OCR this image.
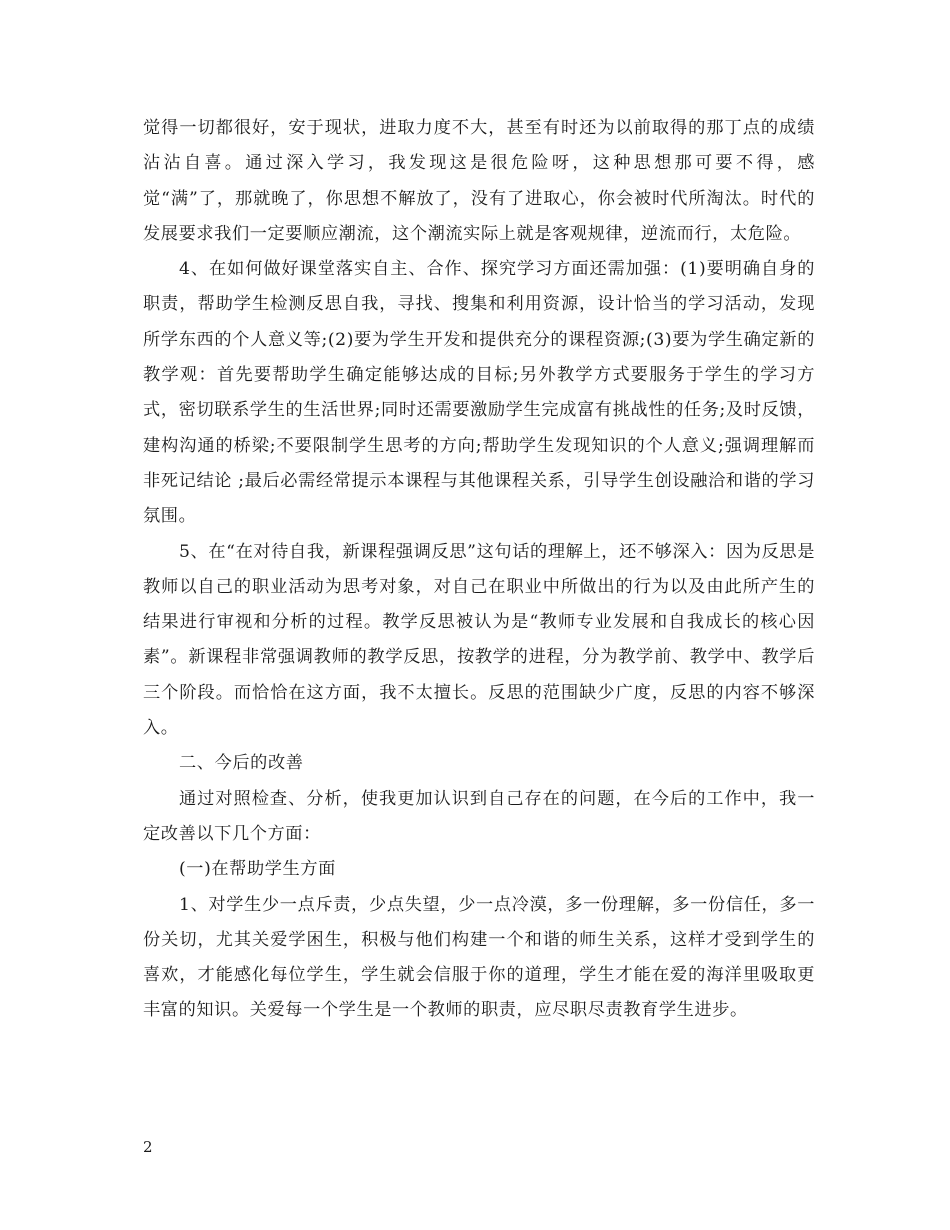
觉得一切都很好，安于现状，进取力度不大，甚至有时还为以前取得的那丁点的成绩沾沾自喜。通过深入学习，我发现这是很危险呀，这种思想那可要不得，感觉“满”了，那就晚了，你思想不解放了，没有了进取心，你会被时代所淘汰。时代的发展要求我们一定要顺应潮流，这个潮流实际上就是客观规律，逆流而行，太危险。

4、在如何做好课堂落实自主、合作、探究学习方面还需加强：(1)要明确自身的职责，帮助学生检测反思自我，寻找、搜集和利用资源，设计恰当的学习活动，发现所学东西的个人意义等;(2)要为学生开发和提供充分的课程资源;(3)要为学生确定新的教学观：首先要帮助学生确定能够达成的目标;另外教学方式要服务于学生的学习方式，密切联系学生的生活世界;同时还需要激励学生完成富有挑战性的任务;及时反馈，建构沟通的桥梁;不要限制学生思考的方向;帮助学生发现知识的个人意义;强调理解而非死记结论 ;最后必需经常提示本课程与其他课程关系，引导学生创设融洽和谐的学习氛围。

5、在“在对待自我，新课程强调反思”这句话的理解上，还不够深入：因为反思是教师以自己的职业活动为思考对象，对自己在职业中所做出的行为以及由此所产生的结果进行审视和分析的过程。教学反思被认为是“教师专业发展和自我成长的核心因素”。新课程非常强调教师的教学反思，按教学的进程，分为教学前、教学中、教学后三个阶段。而恰恰在这方面，我不太擅长。反思的范围缺少广度，反思的内容不够深入。

二、今后的改善

通过对照检查、分析，使我更加认识到自己存在的问题，在今后的工作中，我一定改善以下几个方面：

(一)在帮助学生方面

1、对学生少一点斥责，少点失望，少一点冷漠，多一份理解，多一份信任，多一份关切，尤其关爱学困生，积极与他们构建一个和谐的师生关系，这样才受到学生的喜欢，才能感化每位学生，学生就会信服于你的道理，学生才能在爱的海洋里吸取更丰富的知识。关爱每一个学生是一个教师的职责，应尽职尽责教育学生进步。

2
